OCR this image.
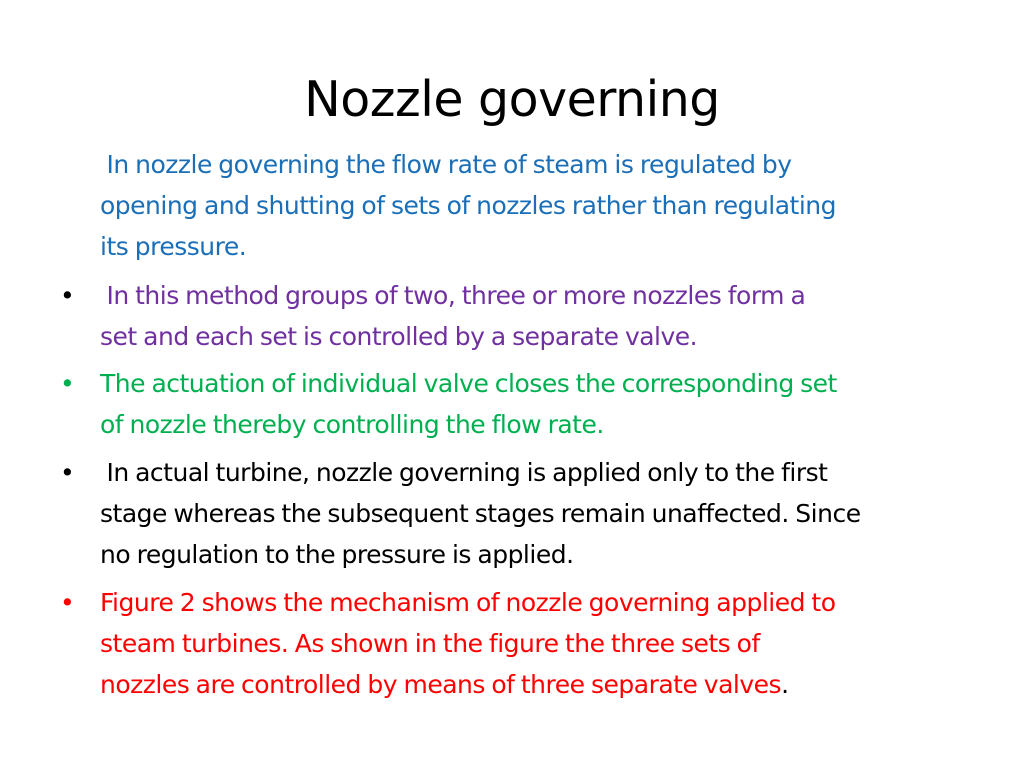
Nozzle governing
In nozzle governing the flow rate of steam is regulated by
opening and shutting of sets of nozzles rather than regulating
its pressure.
• In this method groups of two, three or more nozzles form a
set and each set is controlled by a separate valve.
• The actuation of individual valve closes the corresponding set
of nozzle thereby controlling the flow rate.
• In actual turbine, nozzle governing is applied only to the first
stage whereas the subsequent stages remain unaffected. Since
no regulation to the pressure is applied.
• Figure 2 shows the mechanism of nozzle governing applied to
steam turbines. As shown in the figure the three sets of
nozzles are controlled by means of three separate valves.
